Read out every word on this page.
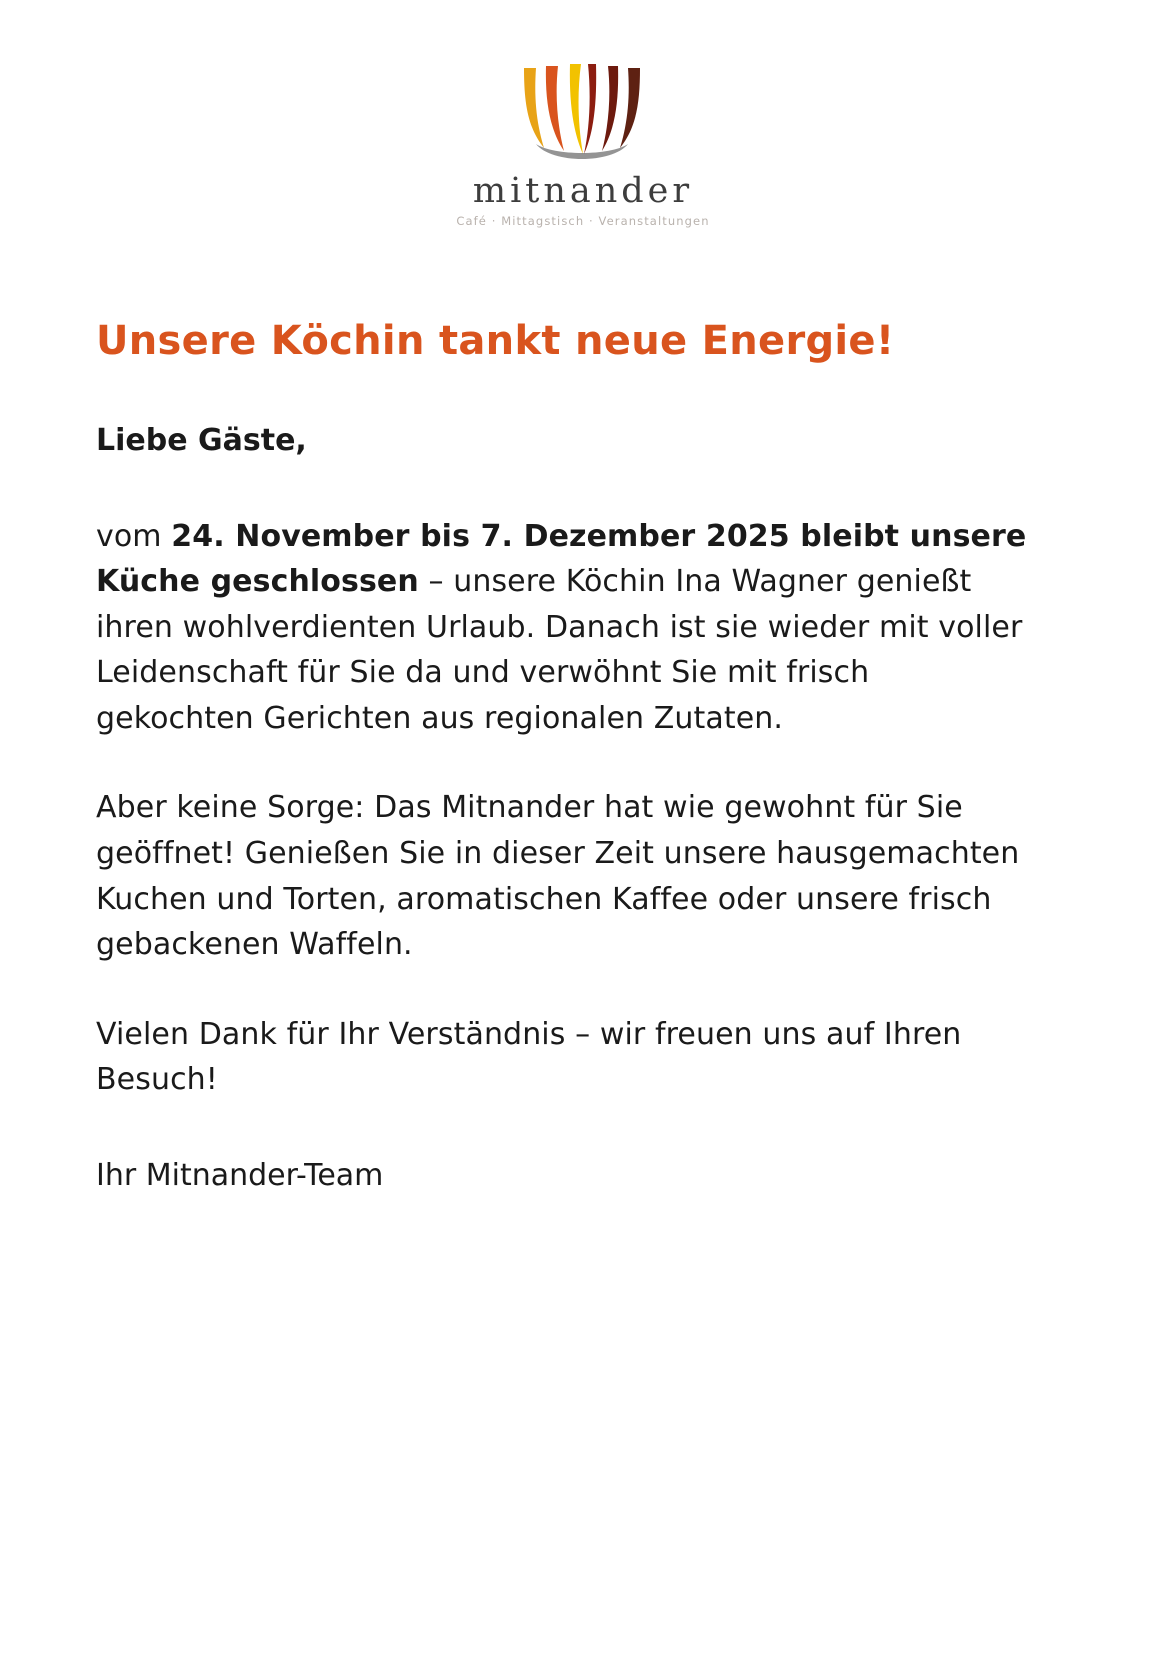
mitnander
Café · Mittagstisch · Veranstaltungen
Unsere Köchin tankt neue Energie!

Liebe Gäste,

vom 24. November bis 7. Dezember 2025 bleibt unsere Küche geschlossen – unsere Köchin Ina Wagner genießt ihren wohlverdienten Urlaub. Danach ist sie wieder mit voller Leidenschaft für Sie da und verwöhnt Sie mit frisch gekochten Gerichten aus regionalen Zutaten.

Aber keine Sorge: Das Mitnander hat wie gewohnt für Sie geöffnet! Genießen Sie in dieser Zeit unsere hausgemachten Kuchen und Torten, aromatischen Kaffee oder unsere frisch gebackenen Waffeln.

Vielen Dank für Ihr Verständnis – wir freuen uns auf Ihren Besuch!

Ihr Mitnander-Team
